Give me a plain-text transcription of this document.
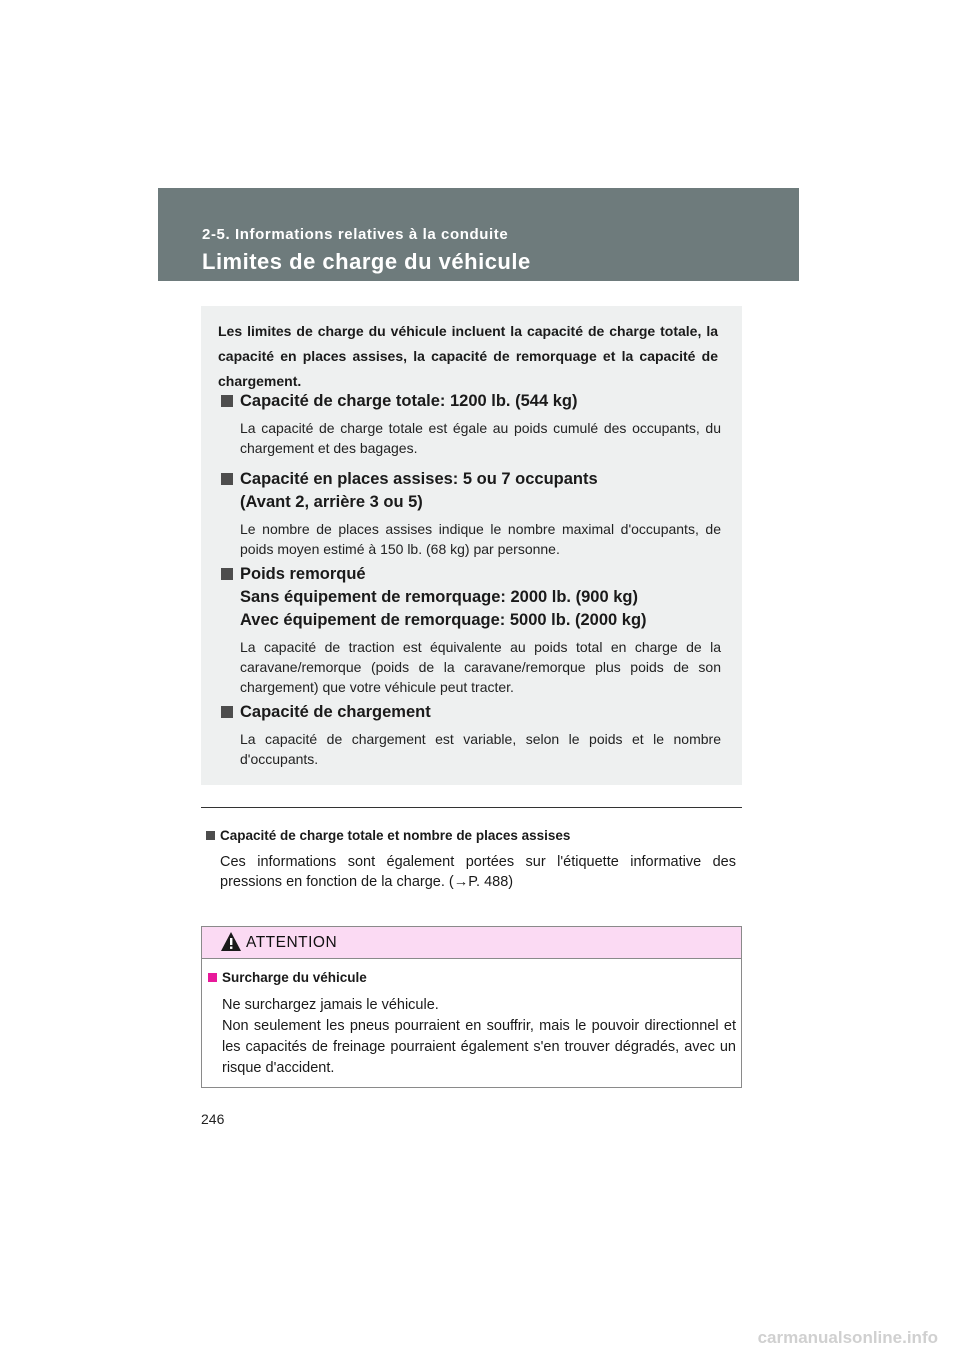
2-5. Informations relatives à la conduite
Limites de charge du véhicule
Les limites de charge du véhicule incluent la capacité de charge totale, la capacité en places assises, la capacité de remorquage et la capacité de chargement.
Capacité de charge totale: 1200 lb. (544 kg)
La capacité de charge totale est égale au poids cumulé des occupants, du chargement et des bagages.
Capacité en places assises: 5 ou 7 occupants
(Avant 2, arrière 3 ou 5)
Le nombre de places assises indique le nombre maximal d'occupants, de poids moyen estimé à 150 lb. (68 kg) par personne.
Poids remorqué
Sans équipement de remorquage: 2000 lb. (900 kg)
Avec équipement de remorquage: 5000 lb. (2000 kg)
La capacité de traction est équivalente au poids total en charge de la caravane/remorque (poids de la caravane/remorque plus poids de son chargement) que votre véhicule peut tracter.
Capacité de chargement
La capacité de chargement est variable, selon le poids et le nombre d'occupants.
Capacité de charge totale et nombre de places assises
Ces informations sont également portées sur l'étiquette informative des pressions en fonction de la charge. (→P. 488)
ATTENTION
Surcharge du véhicule
Ne surchargez jamais le véhicule.
Non seulement les pneus pourraient en souffrir, mais le pouvoir directionnel et les capacités de freinage pourraient également s'en trouver dégradés, avec un risque d'accident.
246
carmanualsonline.info
